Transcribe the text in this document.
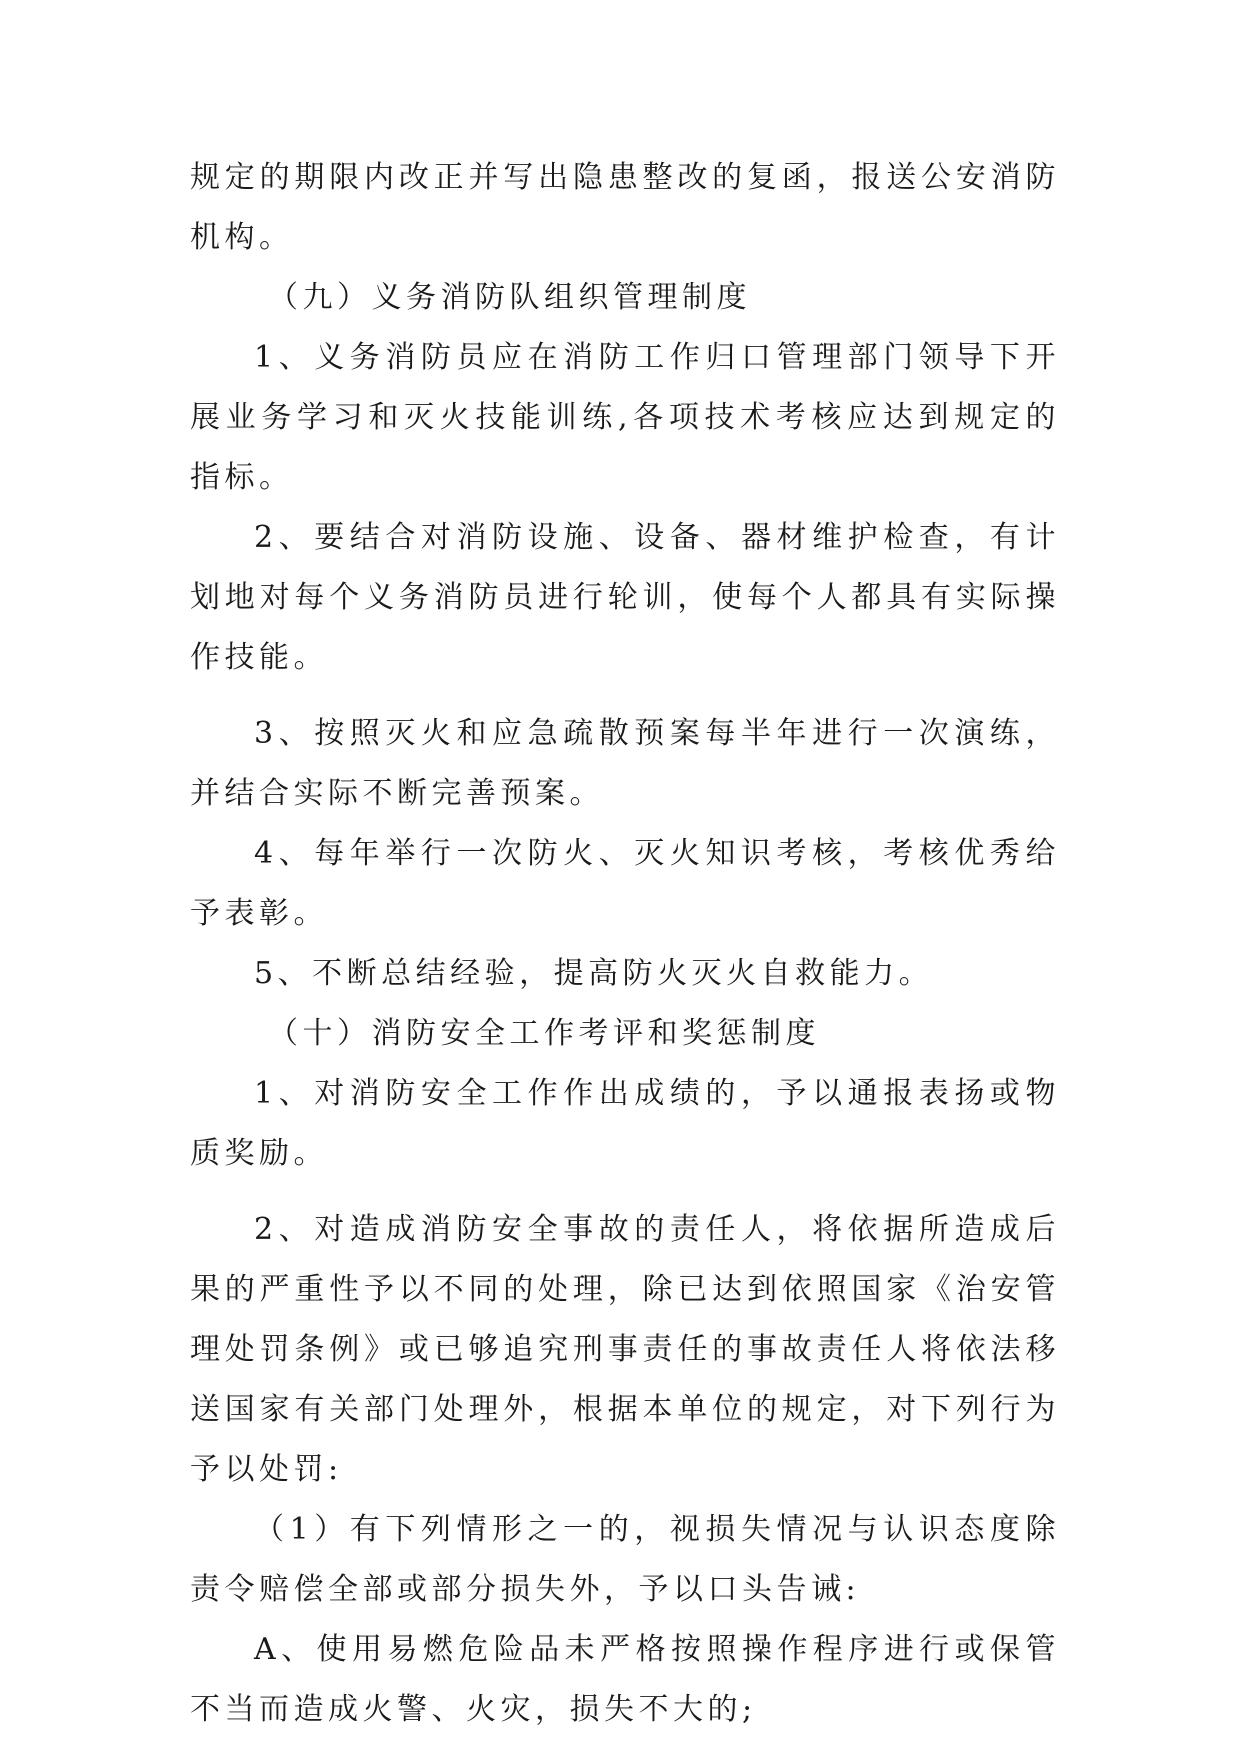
规定的期限内改正并写出隐患整改的复函，报送公安消防机构。

（九）义务消防队组织管理制度

1、义务消防员应在消防工作归口管理部门领导下开展业务学习和灭火技能训练,各项技术考核应达到规定的指标。

2、要结合对消防设施、设备、器材维护检查，有计划地对每个义务消防员进行轮训，使每个人都具有实际操作技能。

3、按照灭火和应急疏散预案每半年进行一次演练，并结合实际不断完善预案。

4、每年举行一次防火、灭火知识考核，考核优秀给予表彰。

5、不断总结经验，提高防火灭火自救能力。

（十）消防安全工作考评和奖惩制度

1、对消防安全工作作出成绩的，予以通报表扬或物质奖励。

2、对造成消防安全事故的责任人，将依据所造成后果的严重性予以不同的处理，除已达到依照国家《治安管理处罚条例》或已够追究刑事责任的事故责任人将依法移送国家有关部门处理外，根据本单位的规定，对下列行为予以处罚:

（1）有下列情形之一的，视损失情况与认识态度除责令赔偿全部或部分损失外，予以口头告诫:

A、使用易燃危险品未严格按照操作程序进行或保管不当而造成火警、火灾，损失不大的;
